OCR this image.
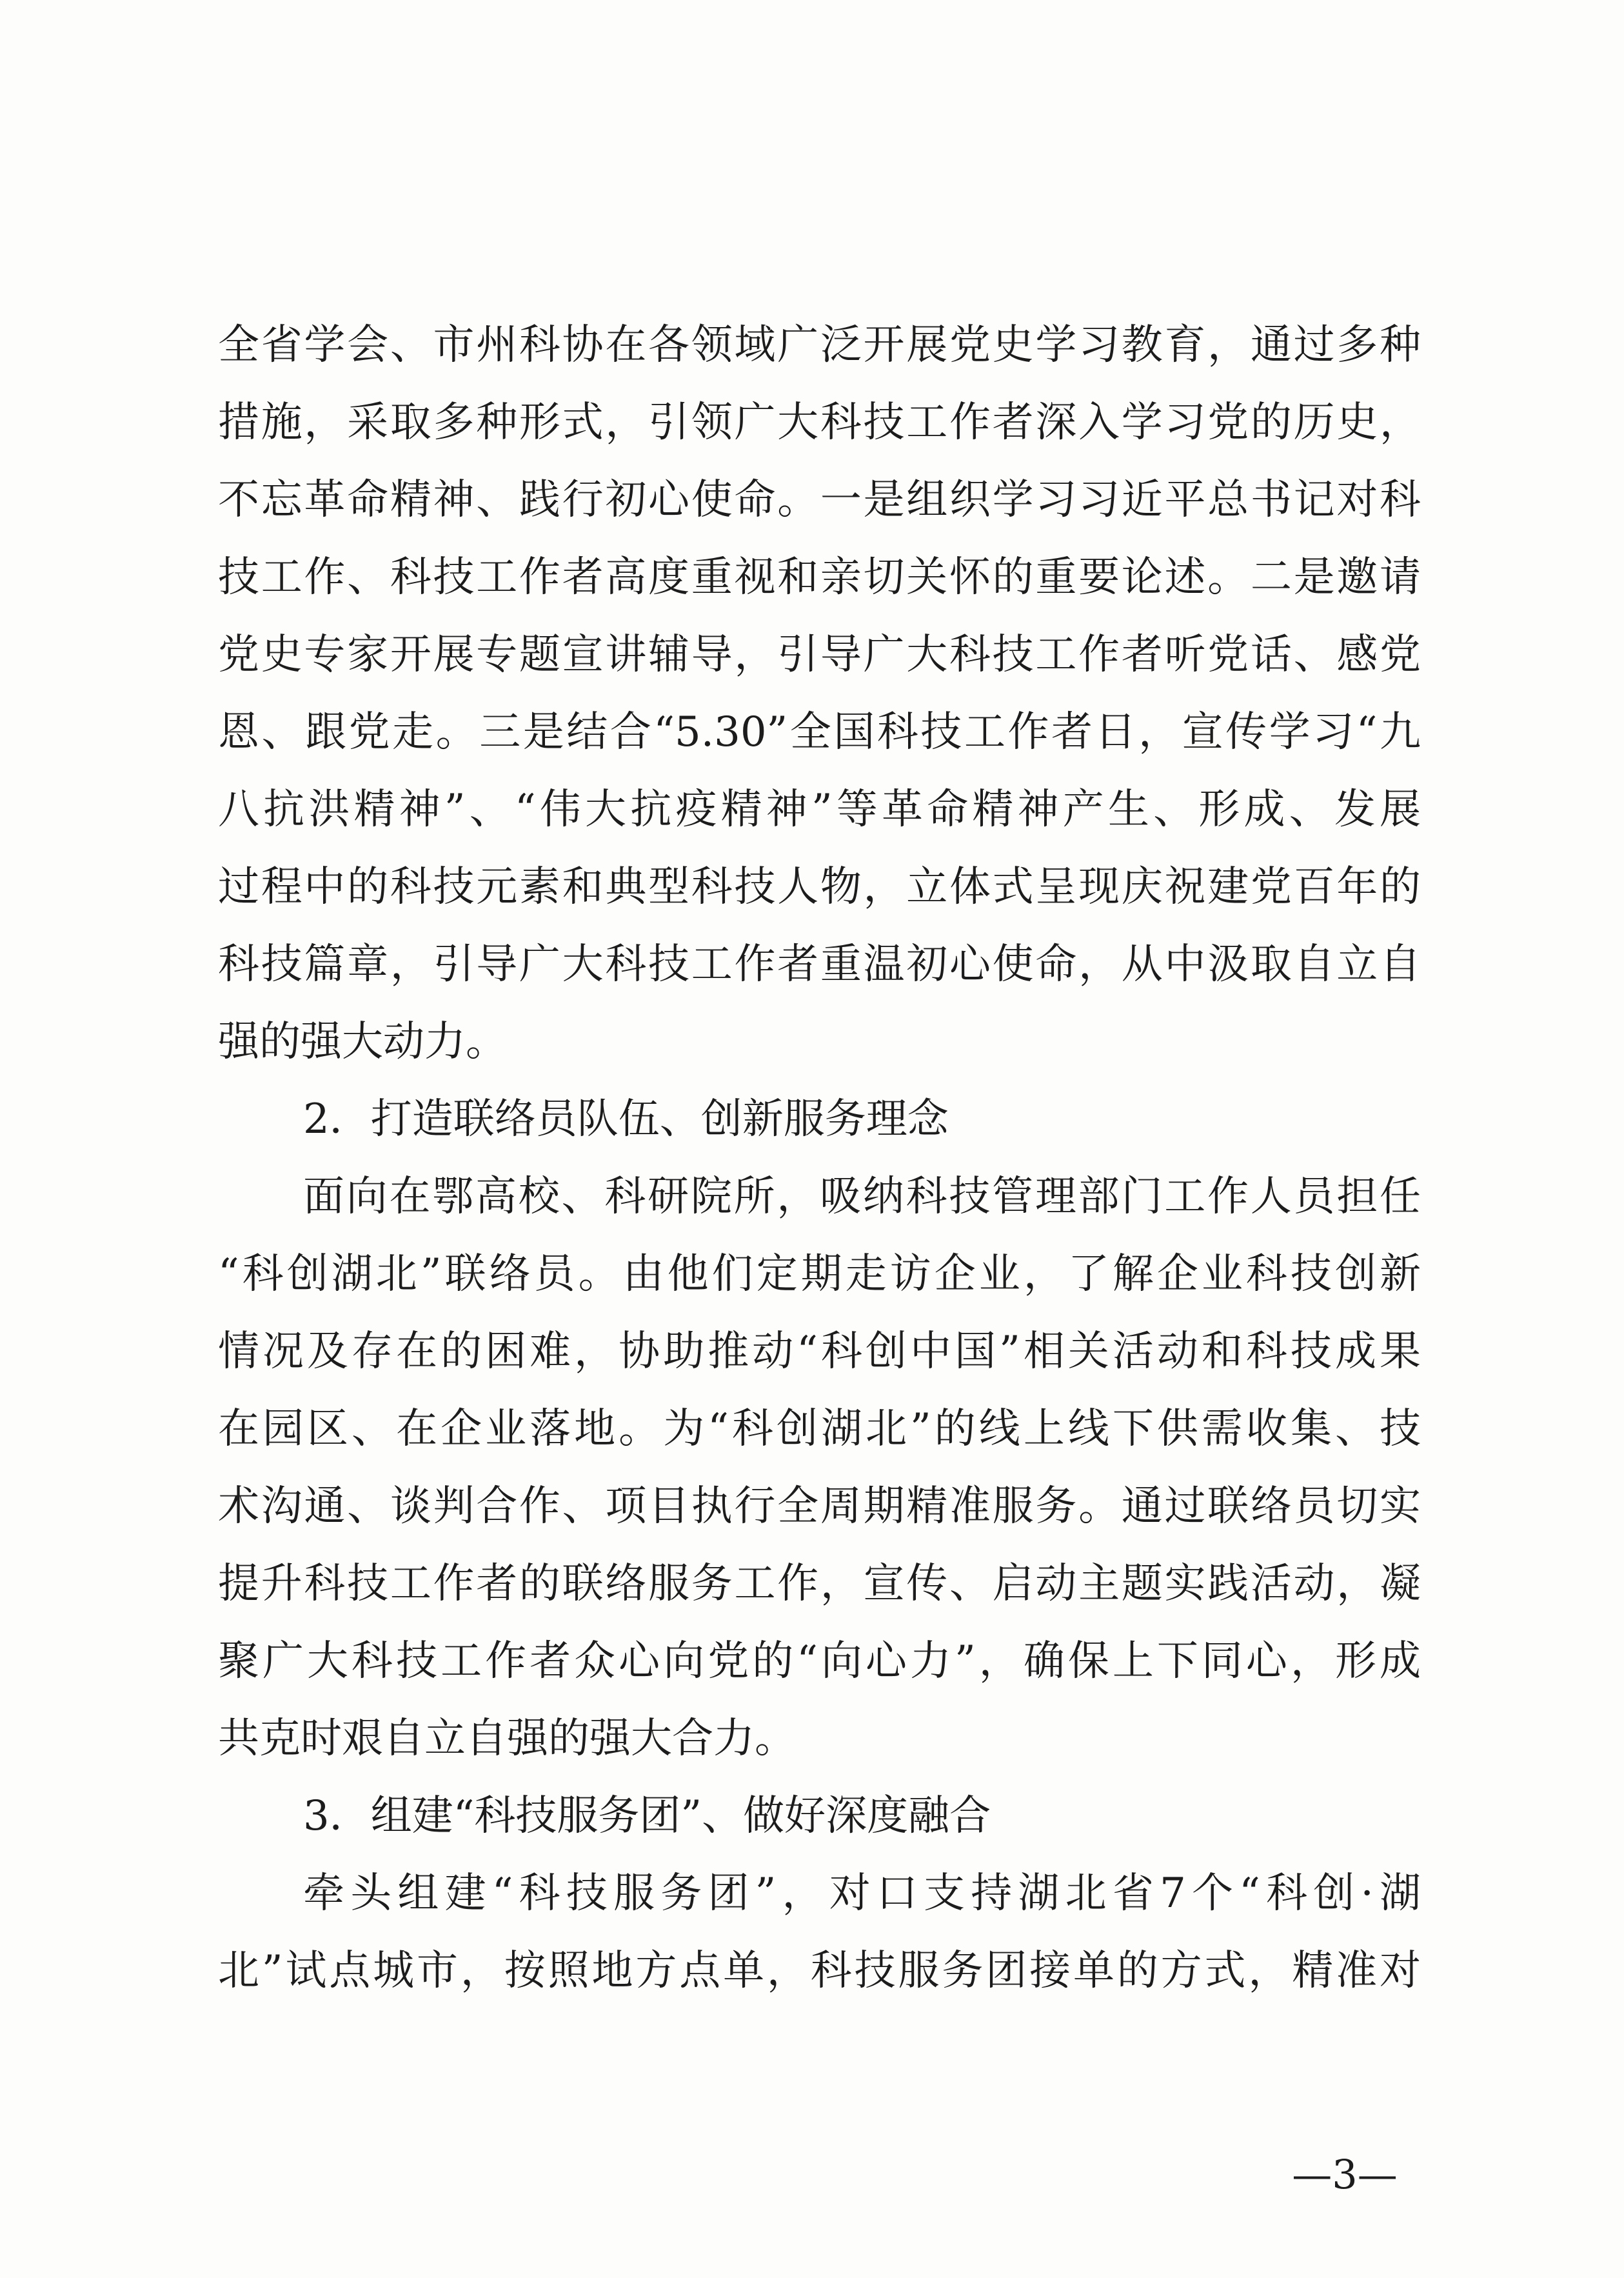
全省学会、市州科协在各领域广泛开展党史学习教育，通过多种
措施，采取多种形式，引领广大科技工作者深入学习党的历史，
不忘革命精神、践行初心使命。一是组织学习习近平总书记对科
技工作、科技工作者高度重视和亲切关怀的重要论述。二是邀请
党史专家开展专题宣讲辅导，引导广大科技工作者听党话、感党
恩、跟党走。三是结合“5.30”全国科技工作者日，宣传学习“九
八抗洪精神”、“伟大抗疫精神”等革命精神产生、形成、发展
过程中的科技元素和典型科技人物，立体式呈现庆祝建党百年的
科技篇章，引导广大科技工作者重温初心使命，从中汲取自立自
强的强大动力。
2．打造联络员队伍、创新服务理念
面向在鄂高校、科研院所，吸纳科技管理部门工作人员担任
“科创湖北”联络员。由他们定期走访企业，了解企业科技创新
情况及存在的困难，协助推动“科创中国”相关活动和科技成果
在园区、在企业落地。为“科创湖北”的线上线下供需收集、技
术沟通、谈判合作、项目执行全周期精准服务。通过联络员切实
提升科技工作者的联络服务工作，宣传、启动主题实践活动，凝
聚广大科技工作者众心向党的“向心力”，确保上下同心，形成
共克时艰自立自强的强大合力。
3．组建“科技服务团”、做好深度融合
牵头组建“科技服务团”，对口支持湖北省7个“科创·湖
北”试点城市，按照地方点单，科技服务团接单的方式，精准对
—3—
